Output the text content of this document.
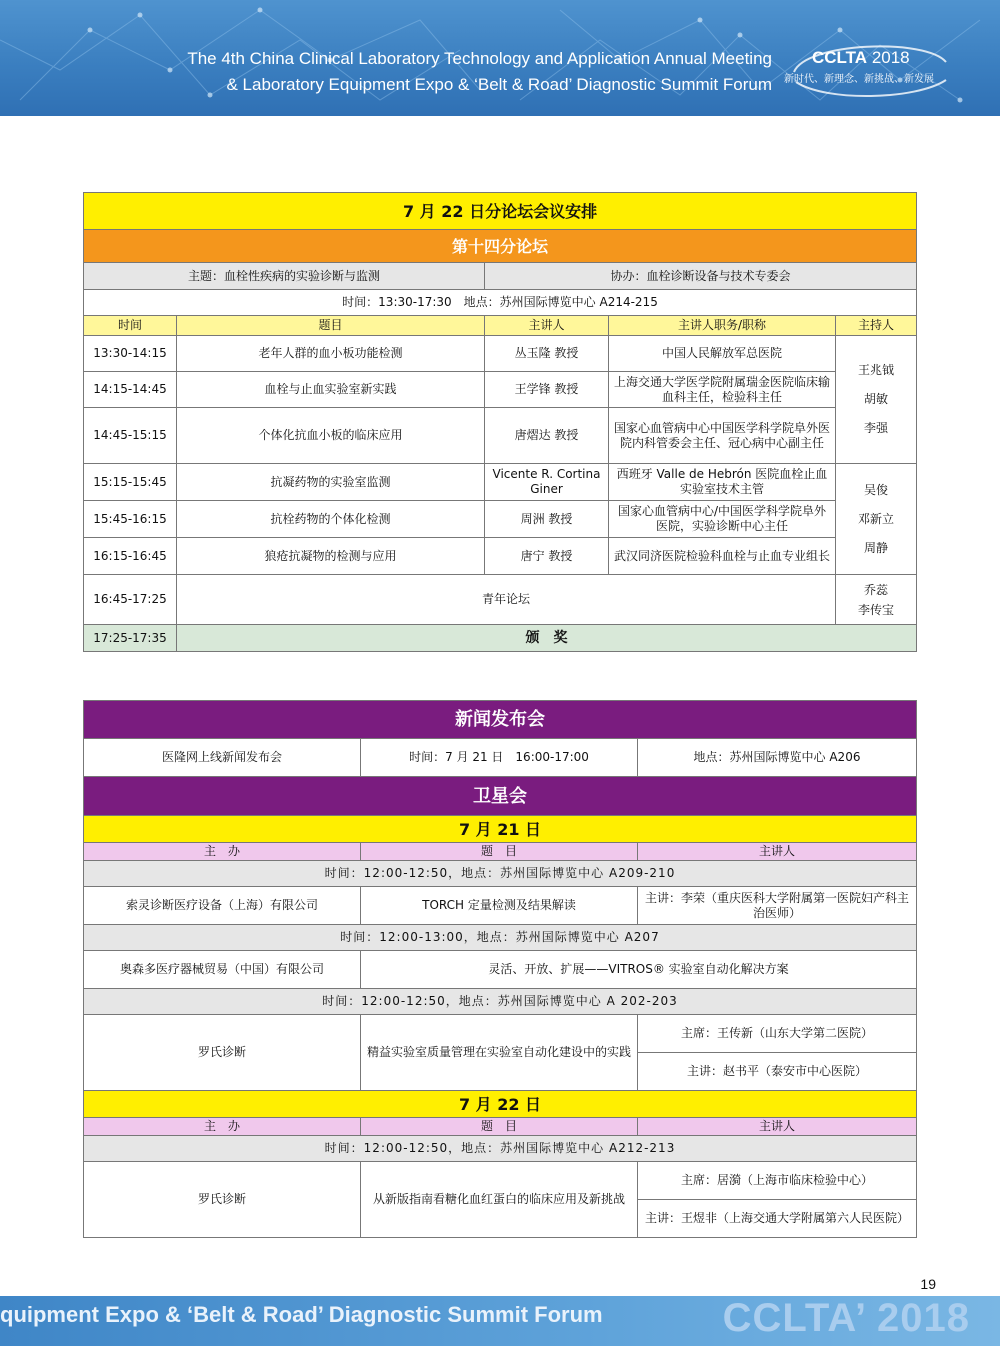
The 4th China Clinical Laboratory Technology and Application Annual Meeting
& Laboratory Equipment Expo & ‘Belt & Road’ Diagnostic Summit Forum
CCLTA 2018
新时代、新理念、新挑战、新发展
7 月 22 日分论坛会议安排				
第十四分论坛				
主题：血栓性疾病的实验诊断与监测		协办：血栓诊断设备与技术专委会		
时间：13:30-17:30　地点：苏州国际博览中心 A214-215				
时间	题目	主讲人	主讲人职务/职称	主持人
13:30-14:15	老年人群的血小板功能检测	丛玉隆 教授	中国人民解放军总医院	王兆钺
胡敏
李强

14:15-14:45	血栓与止血实验室新实践	王学锋 教授	上海交通大学医学院附属瑞金医院临床输血科主任，检验科主任	
14:45-15:15	个体化抗血小板的临床应用	唐熠达 教授	国家心血管病中心中国医学科学院阜外医院内科管委会主任、冠心病中心副主任	
15:15-15:45	抗凝药物的实验室监测	Vicente R. Cortina Giner	西班牙 Valle de Hebrón 医院血栓止血实验室技术主管	吴俊
邓新立
周静

15:45-16:15	抗栓药物的个体化检测	周洲 教授	国家心血管病中心/中国医学科学院阜外医院，实验诊断中心主任	
16:15-16:45	狼疮抗凝物的检测与应用	唐宁 教授	武汉同济医院检验科血栓与止血专业组长	
16:45-17:25	青年论坛			乔蕊
李传宝

17:25-17:35	颁　奖			
新闻发布会		
医隆网上线新闻发布会	时间：7 月 21 日　16:00-17:00	地点：苏州国际博览中心 A206
卫星会		
7 月 21 日		
主　办	题　目	主讲人
时间：12:00-12:50，地点：苏州国际博览中心 A209-210		
索灵诊断医疗设备（上海）有限公司	TORCH 定量检测及结果解读	主讲：李荣（重庆医科大学附属第一医院妇产科主治医师）
时间：12:00-13:00，地点：苏州国际博览中心 A207		
奥森多医疗器械贸易（中国）有限公司	灵活、开放、扩展——VITROS® 实验室自动化解决方案	
时间：12:00-12:50，地点：苏州国际博览中心 A 202-203		
罗氏诊断	精益实验室质量管理在实验室自动化建设中的实践	主席：王传新（山东大学第二医院）
		主讲：赵书平（泰安市中心医院）
7 月 22 日		
主　办	题　目	主讲人
时间：12:00-12:50，地点：苏州国际博览中心 A212-213		
罗氏诊断	从新版指南看糖化血红蛋白的临床应用及新挑战	主席：居漪（上海市临床检验中心）
		主讲：王煜非（上海交通大学附属第六人民医院）
19
quipment Expo & ‘Belt & Road’ Diagnostic Summit Forum	CCLTA’ 2018
